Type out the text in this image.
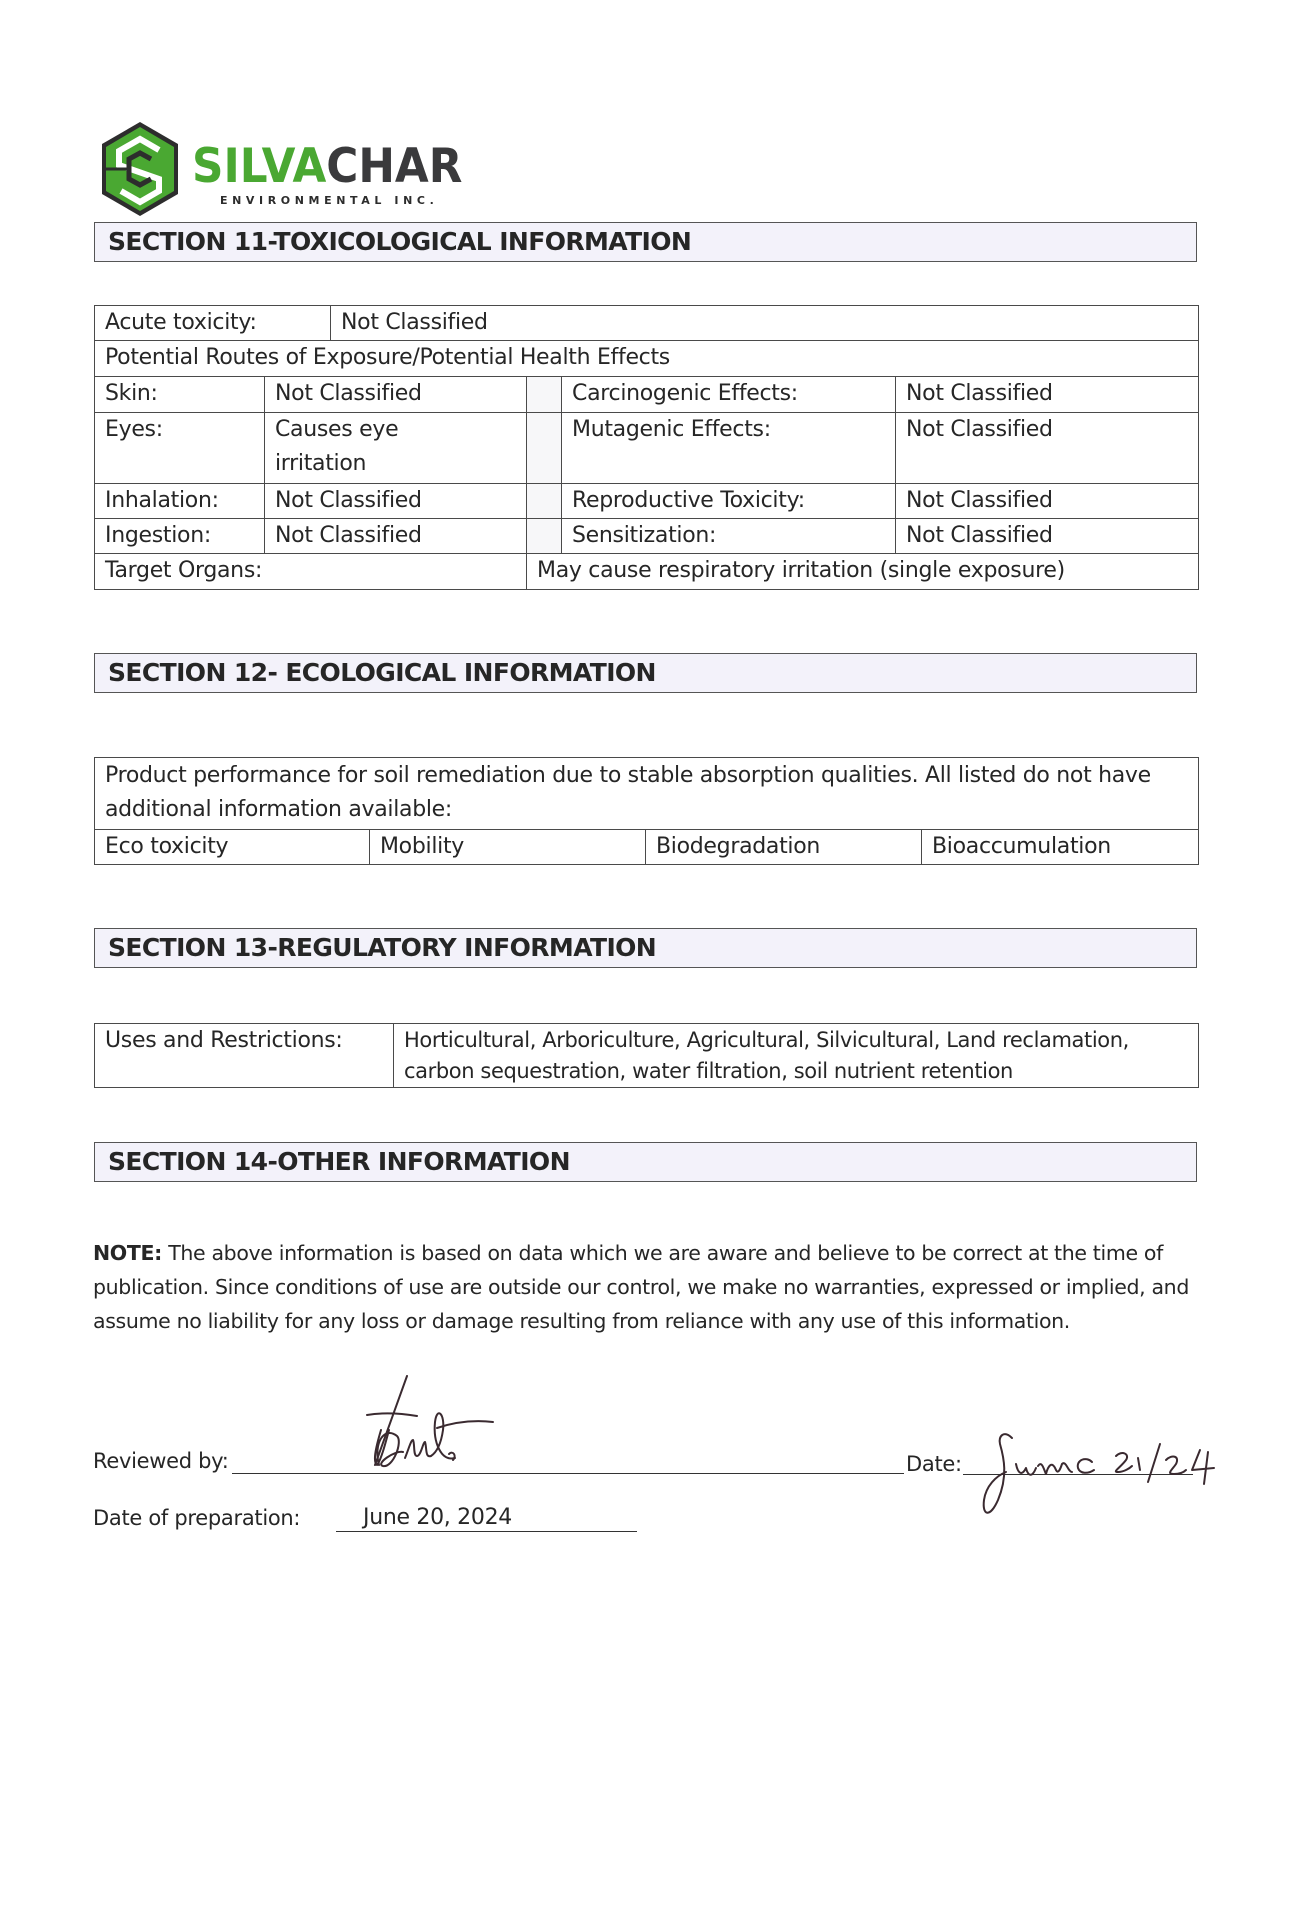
SILVACHAR
ENVIRONMENTAL INC.
SECTION 11-TOXICOLOGICAL INFORMATION
Acute toxicity:		Not Classified			
Potential Routes of Exposure/Potential Health Effects					
Skin:	Not Classified			Carcinogenic Effects:	Not Classified
Eyes:	Causes eye irritation			Mutagenic Effects:	Not Classified
Inhalation:	Not Classified			Reproductive Toxicity:	Not Classified
Ingestion:	Not Classified			Sensitization:	Not Classified
Target Organs:			May cause respiratory irritation (single exposure)		
SECTION 12- ECOLOGICAL INFORMATION
Product performance for soil remediation due to stable absorption qualities. All listed do not have additional information available:
Eco toxicity	Mobility	Biodegradation	Bioaccumulation
SECTION 13-REGULATORY INFORMATION
Uses and Restrictions:	Horticultural, Arboriculture, Agricultural, Silvicultural, Land reclamation, carbon sequestration, water filtration, soil nutrient retention
SECTION 14-OTHER INFORMATION
NOTE: The above information is based on data which we are aware and believe to be correct at the time of publication. Since conditions of use are outside our control, we make no warranties, expressed or implied, and assume no liability for any loss or damage resulting from reliance with any use of this information.
Reviewed by:	Date:
Date of preparation:	June 20, 2024
